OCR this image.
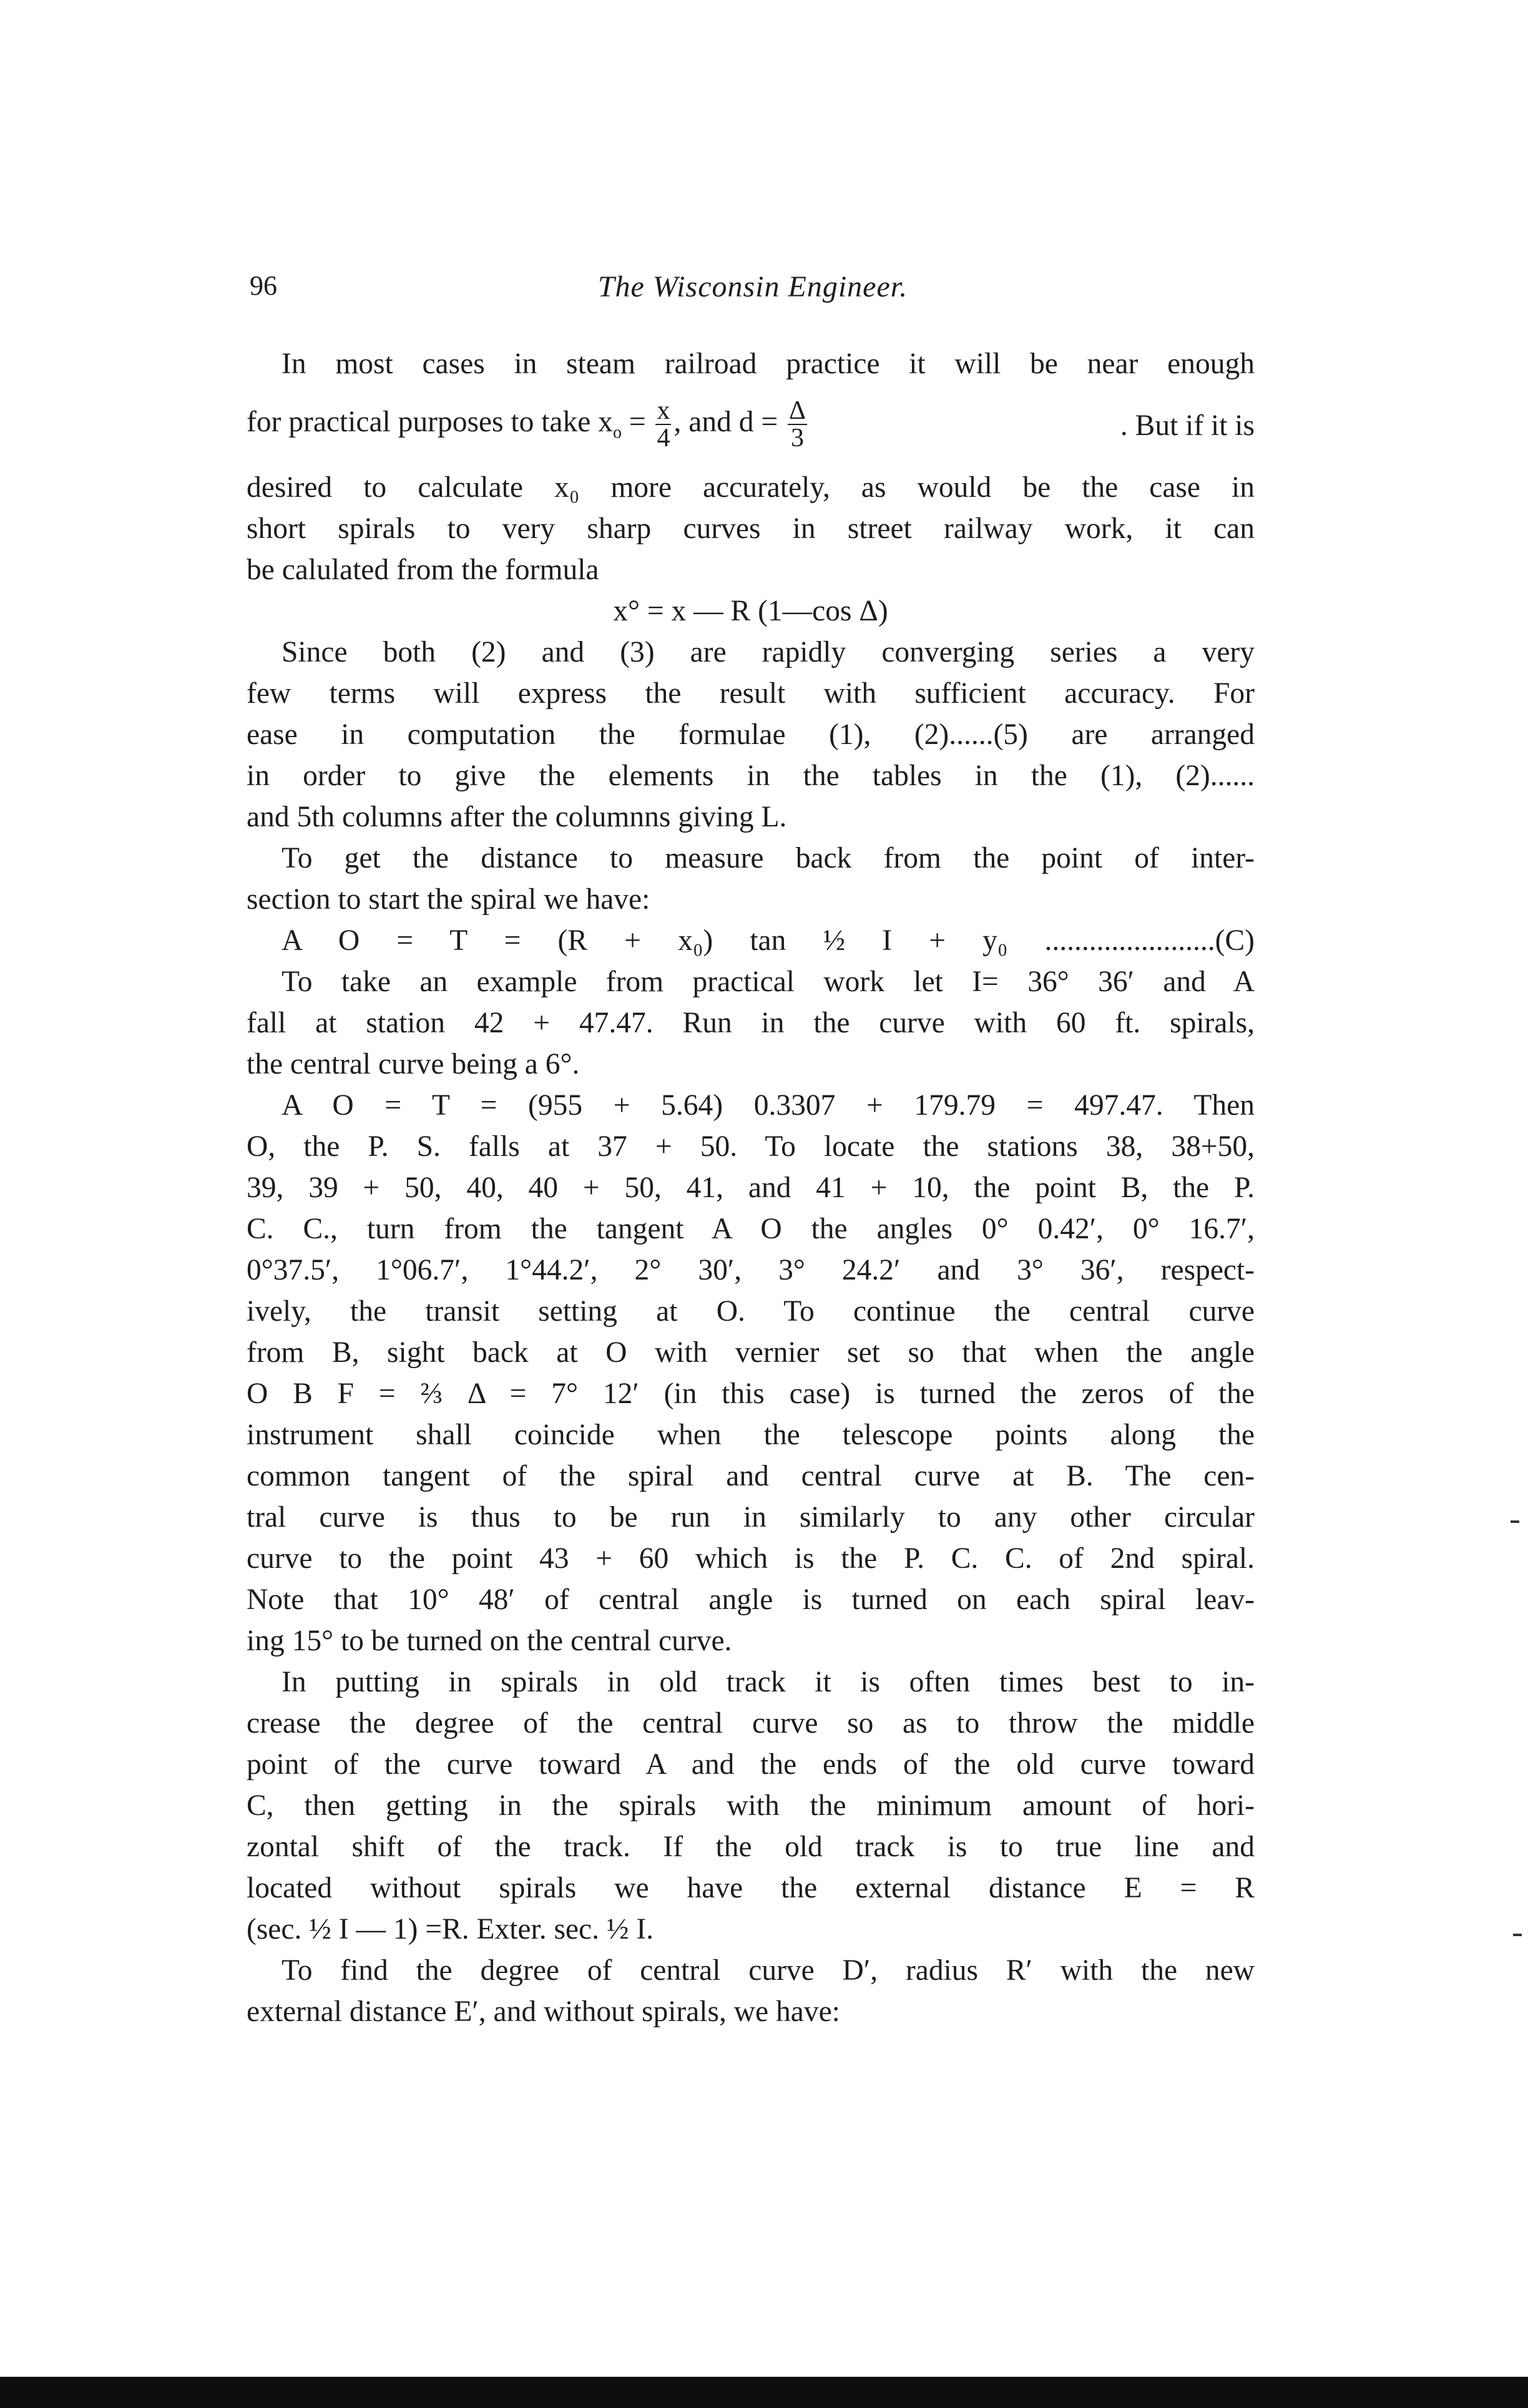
96	The Wisconsin Engineer.
In most cases in steam railroad practice it will be near enough
for practical purposes to take $x_o = \frac{x}{4}$ , and $d = \frac{\Delta}{3}$	. But if it is
desired to calculate x₀ more accurately, as would be the case in
short spirals to very sharp curves in street railway work, it can
be calulated from the formula
x° = x — R (1—cos Δ)
Since both (2) and (3) are rapidly converging series a very
few terms will express the result with sufficient accuracy. For
ease in computation the formulae (1), (2)......(5) are arranged
in order to give the elements in the tables in the (1), (2)......
and 5th columns after the columnns giving L.
To get the distance to measure back from the point of inter-
section to start the spiral we have:
A O = T = (R + x₀) tan ½ I + y₀ .......................(C)
To take an example from practical work let I= 36° 36′ and A
fall at station 42 + 47.47. Run in the curve with 60 ft. spirals,
the central curve being a 6°.
A O = T = (955 + 5.64) 0.3307 + 179.79 = 497.47. Then
O, the P. S. falls at 37 + 50. To locate the stations 38, 38+50,
39, 39 + 50, 40, 40 + 50, 41, and 41 + 10, the point B, the P.
C. C., turn from the tangent A O the angles 0° 0.42′, 0° 16.7′,
0°37.5′, 1°06.7′, 1°44.2′, 2° 30′, 3° 24.2′ and 3° 36′, respect-
ively, the transit setting at O. To continue the central curve
from B, sight back at O with vernier set so that when the angle
O B F = ⅔ Δ = 7° 12′ (in this case) is turned the zeros of the
instrument shall coincide when the telescope points along the
common tangent of the spiral and central curve at B. The cen-
tral curve is thus to be run in similarly to any other circular
curve to the point 43 + 60 which is the P. C. C. of 2nd spiral.
Note that 10° 48′ of central angle is turned on each spiral leav-
ing 15° to be turned on the central curve.
In putting in spirals in old track it is often times best to in-
crease the degree of the central curve so as to throw the middle
point of the curve toward A and the ends of the old curve toward
C, then getting in the spirals with the minimum amount of hori-
zontal shift of the track. If the old track is to true line and
located without spirals we have the external distance E = R
(sec. ½ I — 1) =R. Exter. sec. ½ I.
To find the degree of central curve D′, radius R′ with the new
external distance E′, and without spirals, we have:
